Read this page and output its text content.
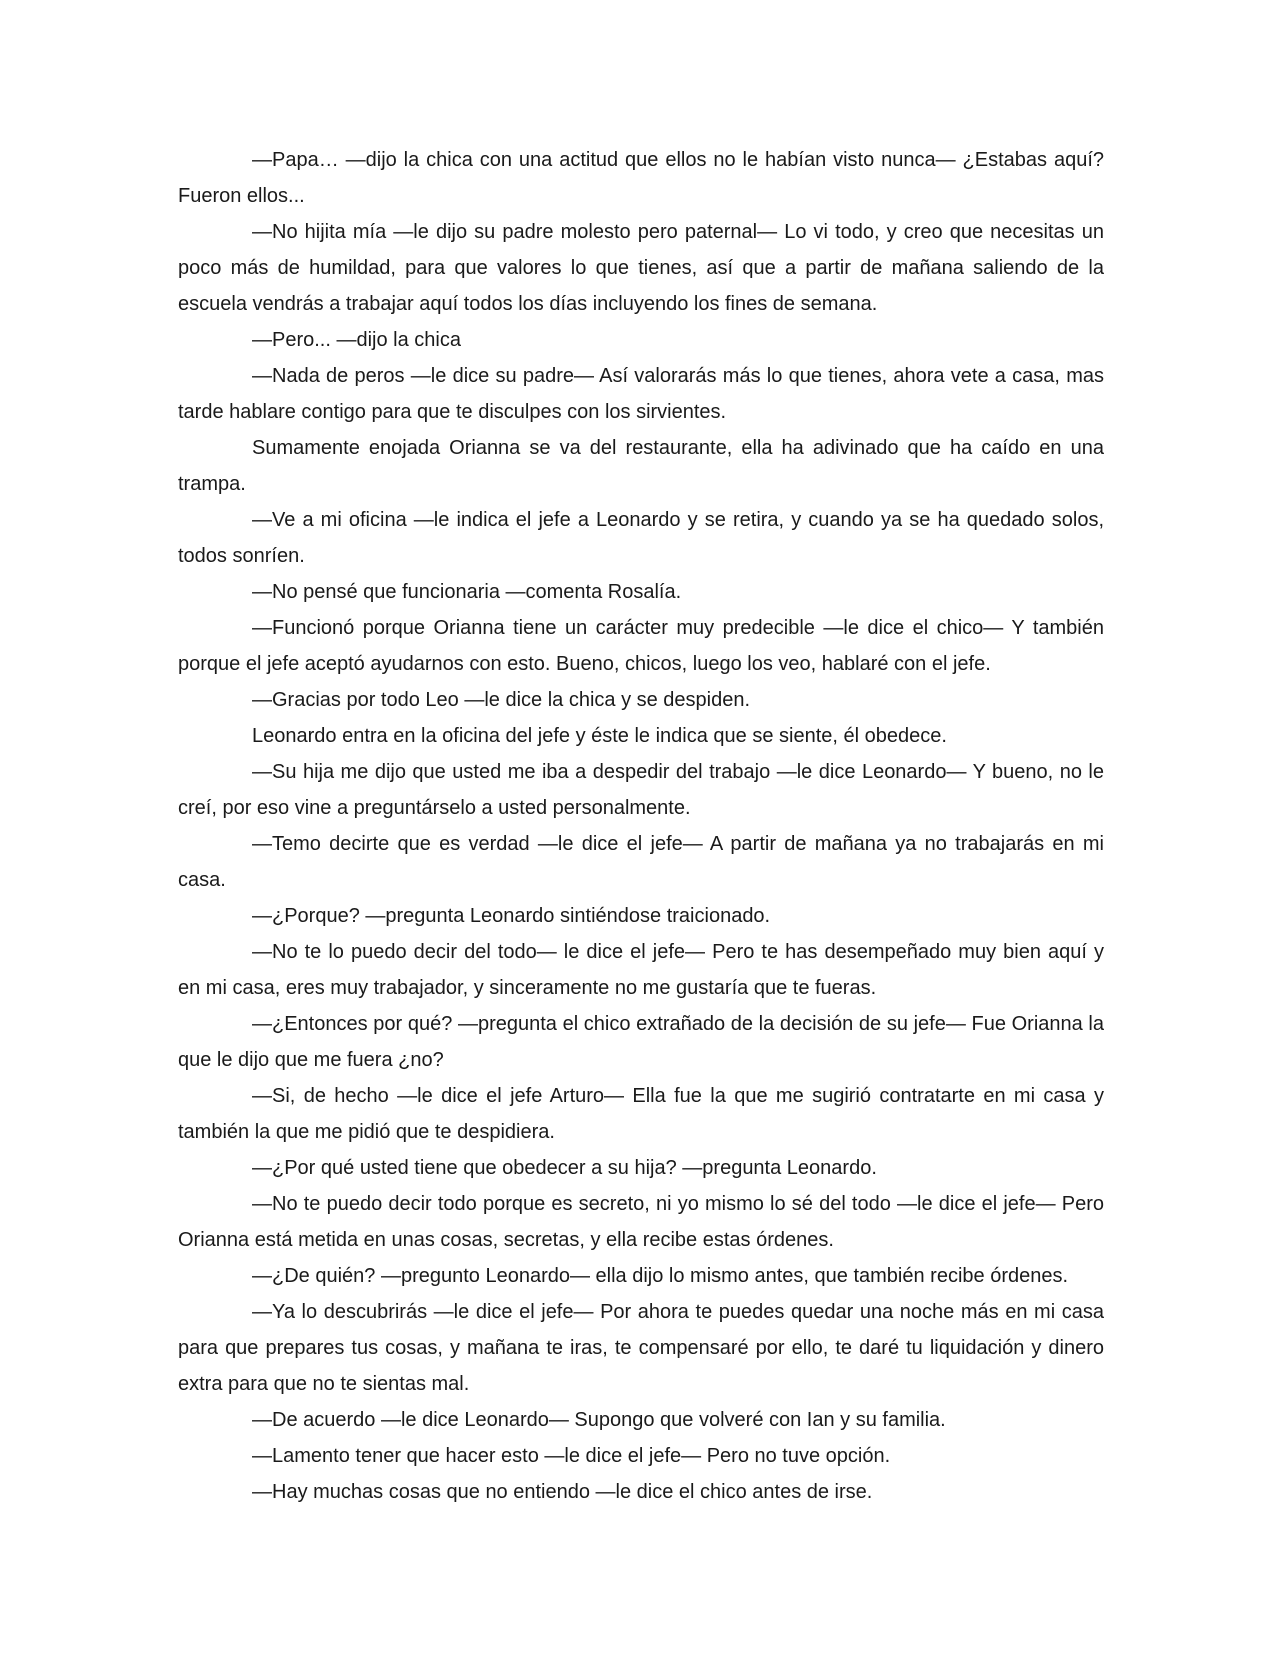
—Papa… —dijo la chica con una actitud que ellos no le habían visto nunca— ¿Estabas aquí? Fueron ellos...

—No hijita mía —le dijo su padre molesto pero paternal— Lo vi todo, y creo que necesitas un poco más de humildad, para que valores lo que tienes, así que a partir de mañana saliendo de la escuela vendrás a trabajar aquí todos los días incluyendo los fines de semana.

—Pero... —dijo la chica

—Nada de peros —le dice su padre— Así valorarás más lo que tienes, ahora vete a casa, mas tarde hablare contigo para que te disculpes con los sirvientes.

Sumamente enojada Orianna se va del restaurante, ella ha adivinado que ha caído en una trampa.

—Ve a mi oficina —le indica el jefe a Leonardo y se retira, y cuando ya se ha quedado solos, todos sonríen.

—No pensé que funcionaria —comenta Rosalía.

—Funcionó porque Orianna tiene un carácter muy predecible —le dice el chico— Y también porque el jefe aceptó ayudarnos con esto. Bueno, chicos, luego los veo, hablaré con el jefe.

—Gracias por todo Leo —le dice la chica y se despiden.

Leonardo entra en la oficina del jefe y éste le indica que se siente, él obedece.

—Su hija me dijo que usted me iba a despedir del trabajo —le dice Leonardo— Y bueno, no le creí, por eso vine a preguntárselo a usted personalmente.

—Temo decirte que es verdad —le dice el jefe— A partir de mañana ya no trabajarás en mi casa.

—¿Porque? —pregunta Leonardo sintiéndose traicionado.

—No te lo puedo decir del todo— le dice el jefe— Pero te has desempeñado muy bien aquí y en mi casa, eres muy trabajador, y sinceramente no me gustaría que te fueras.

—¿Entonces por qué? —pregunta el chico extrañado de la decisión de su jefe— Fue Orianna la que le dijo que me fuera ¿no?

—Si, de hecho —le dice el jefe Arturo— Ella fue la que me sugirió contratarte en mi casa y también la que me pidió que te despidiera.

—¿Por qué usted tiene que obedecer a su hija? —pregunta Leonardo.

—No te puedo decir todo porque es secreto, ni yo mismo lo sé del todo —le dice el jefe— Pero Orianna está metida en unas cosas, secretas, y ella recibe estas órdenes.

—¿De quién? —pregunto Leonardo— ella dijo lo mismo antes, que también recibe órdenes.

—Ya lo descubrirás —le dice el jefe— Por ahora te puedes quedar una noche más en mi casa para que prepares tus cosas, y mañana te iras, te compensaré por ello, te daré tu liquidación y dinero extra para que no te sientas mal.

—De acuerdo —le dice Leonardo— Supongo que volveré con Ian y su familia.

—Lamento tener que hacer esto —le dice el jefe— Pero no tuve opción.

—Hay muchas cosas que no entiendo —le dice el chico antes de irse.
